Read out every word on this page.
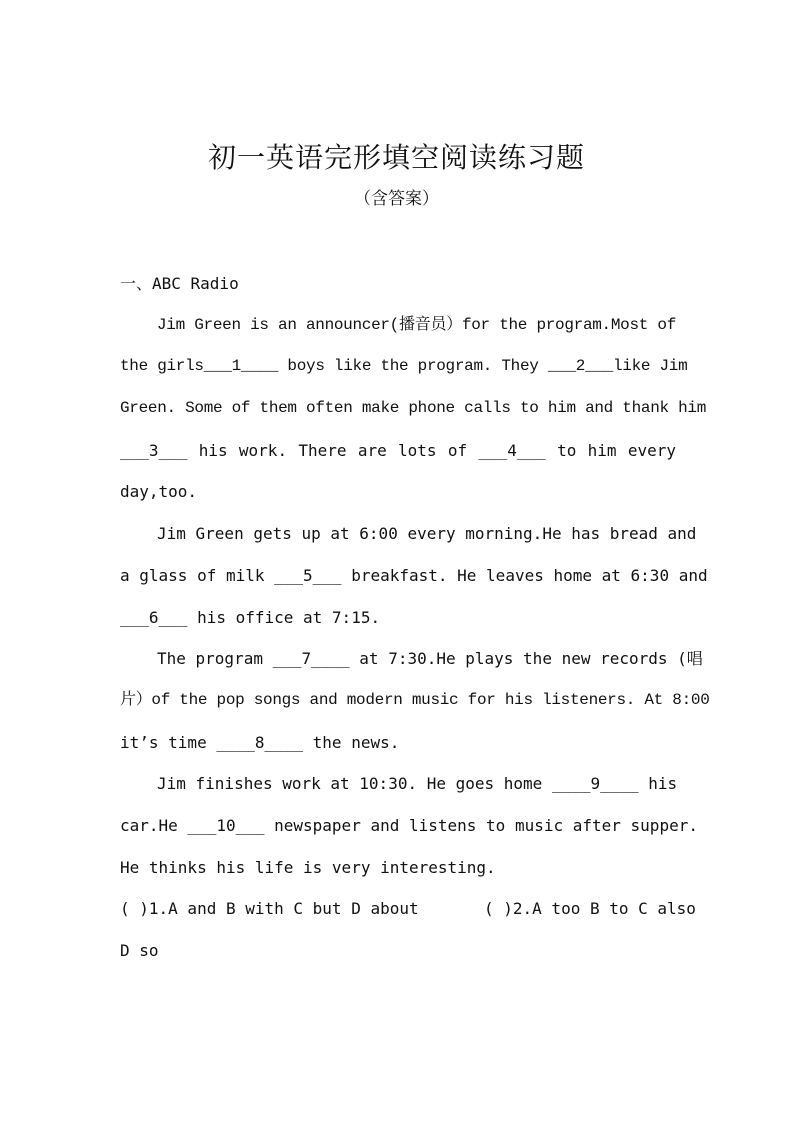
初一英语完形填空阅读练习题
（含答案）
一、ABC Radio
Jim Green is an announcer(播音员）for the program.Most of
the girls___1____ boys like the program. They ___2___like Jim
Green. Some of them often make phone calls to him and thank him
___3___ his work. There are lots of ___4___ to him every
day,too.
Jim Green gets up at 6:00 every morning.He has bread and
a glass of milk ___5___ breakfast. He leaves home at 6:30 and
___6___ his office at 7:15.
The program ___7____ at 7:30.He plays the new records (唱
片）of the pop songs and modern music for his listeners. At 8:00
it’s time ____8____ the news.
Jim finishes work at 10:30. He goes home ____9____ his
car.He ___10___ newspaper and listens to music after supper.
He thinks his life is very interesting.
( )1.A and B with C but D about	( )2.A too B to C also
D so
